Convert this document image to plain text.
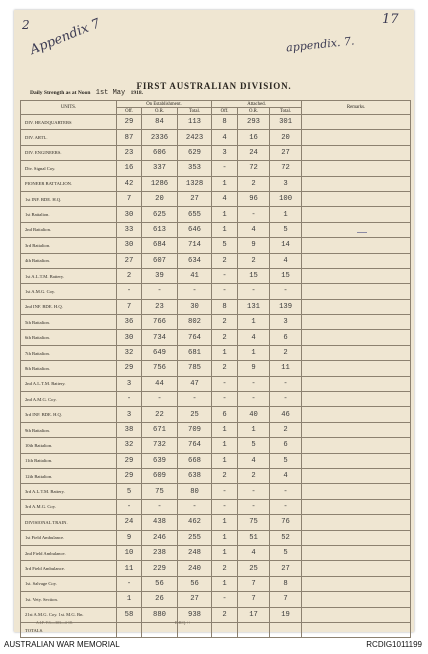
2	17
Appendix 7	appendix. 7.
FIRST AUSTRALIAN DIVISION.
Daily Strength as at Noon 1st May 1918.
UNITS.	On Establishment.			Attached.			Remarks.
	Off.	O.R.	Total.	Off.	O.R.	Total.	
DIV. HEADQUARTERS	29	84	113	8	293	301	
DIV. ARTL.	87	2336	2423	4	16	20	
DIV. ENGINEERS.	23	606	629	3	24	27	
Div. Signal Coy.	16	337	353	-	72	72	
PIONEER BATTALION.	42	1286	1328	1	2	3	
1st INF. BDE. H.Q.	7	20	27	4	96	100	
1st Battalion.	30	625	655	1	-	1	
2nd Battalion.	33	613	646	1	4	5	
3rd Battalion.	30	684	714	5	9	14	
4th Battalion.	27	607	634	2	2	4	
1st A.L.T.M. Battery.	2	39	41	-	15	15	
1st A.M.G. Coy.	-	-	-	-	-	-	
2nd INF. BDE. H.Q.	7	23	30	8	131	139	
5th Battalion.	36	766	802	2	1	3	
6th Battalion.	30	734	764	2	4	6	
7th Battalion.	32	649	681	1	1	2	
8th Battalion.	29	756	785	2	9	11	
2nd A.L.T.M. Battery.	3	44	47	-	-	-	
2nd A.M.G. Coy.	-	-	-	-	-	-	
3rd INF. BDE. H.Q.	3	22	25	6	40	46	
9th Battalion.	38	671	709	1	1	2	
10th Battalion.	32	732	764	1	5	6	
11th Battalion.	29	639	668	1	4	5	
12th Battalion.	29	609	638	2	2	4	
3rd A.L.T.M. Battery.	5	75	80	-	-	-	
3rd A.M.G. Coy.	-	-	-	-	-	-	
DIVISIONAL TRAIN.	24	438	462	1	75	76	
1st Field Ambulance.	9	246	255	1	51	52	
2nd Field Ambulance.	10	238	248	1	4	5	
3rd Field Ambulance.	11	229	240	2	25	27	
1st. Salvage Coy.	-	56	56	1	7	8	
1st. Vety. Section.	1	26	27	-	7	7	
21st A.M.G. Coy. 1st. M.G. Bn.	58	880	938	2	17	19	
TOTALS.							
A.I.F. Y.3.—303—4-18.	D.H.Q. / /
AUSTRALIAN WAR MEMORIAL	RCDIG1011199
